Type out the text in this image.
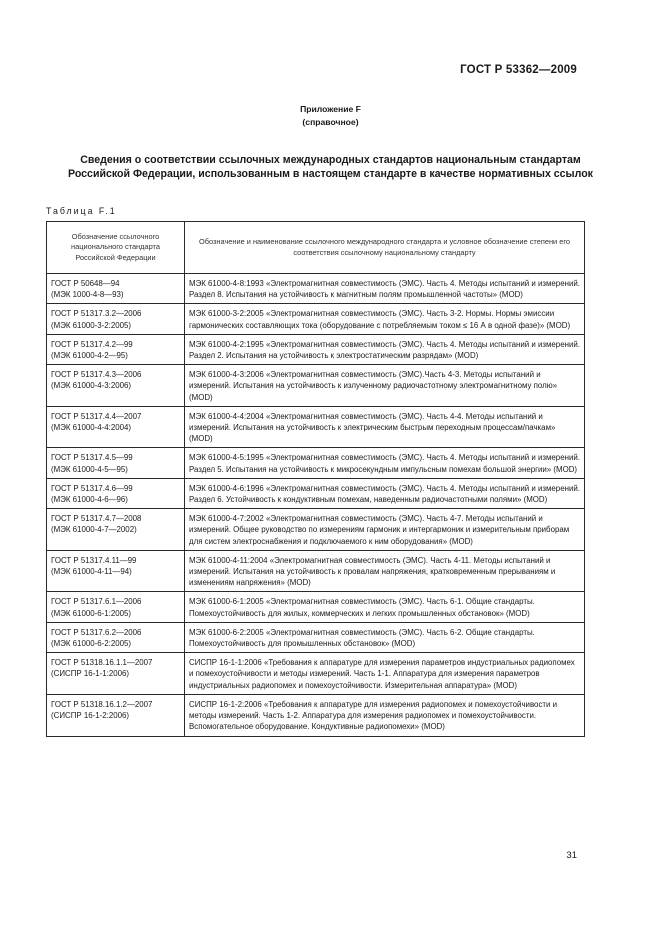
ГОСТ Р 53362—2009
Приложение F
(справочное)
Сведения о соответствии ссылочных международных стандартов национальным стандартам Российской Федерации, использованным в настоящем стандарте в качестве нормативных ссылок
Таблица F.1
Обозначение ссылочного национального стандарта Российской Федерации	Обозначение и наименование ссылочного международного стандарта и условное обозначение степени его соответствия ссылочному национальному стандарту

ГОСТ Р 50648—94
(МЭК 1000-4-8—93)	МЭК 61000-4-8:1993 «Электромагнитная совместимость (ЭМС). Часть 4. Методы испытаний и измерений. Раздел 8. Испытания на устойчивость к магнитным полям промышленной частоты» (MOD)

ГОСТ Р 51317.3.2—2006
(МЭК 61000-3-2:2005)	МЭК 61000-3-2:2005 «Электромагнитная совместимость (ЭМС). Часть 3-2. Нормы. Нормы эмиссии гармонических составляющих тока (оборудование с потребляемым током ≤ 16 А в одной фазе)» (MOD)

ГОСТ Р 51317.4.2—99
(МЭК 61000-4-2—95)	МЭК 61000-4-2:1995 «Электромагнитная совместимость (ЭМС). Часть 4. Методы испытаний и измерений. Раздел 2. Испытания на устойчивость к электростатическим разрядам» (MOD)

ГОСТ Р 51317.4.3—2006
(МЭК 61000-4-3:2006)	МЭК 61000-4-3:2006 «Электромагнитная совместимость (ЭМС).Часть 4-3. Методы испытаний и измерений. Испытания на устойчивость к излученному радиочастотному электромагнитному полю» (MOD)

ГОСТ Р 51317.4.4—2007
(МЭК 61000-4-4:2004)	МЭК 61000-4-4:2004 «Электромагнитная совместимость (ЭМС). Часть 4-4. Методы испытаний и измерений. Испытания на устойчивость к электрическим быстрым переходным процессам/пачкам» (MOD)

ГОСТ Р 51317.4.5—99
(МЭК 61000-4-5—95)	МЭК 61000-4-5:1995 «Электромагнитная совместимость (ЭМС). Часть 4. Методы испытаний и измерений. Раздел 5. Испытания на устойчивость к микросекундным импульсным помехам большой энергии» (MOD)

ГОСТ Р 51317.4.6—99
(МЭК 61000-4-6—96)	МЭК 61000-4-6:1996 «Электромагнитная совместимость (ЭМС). Часть 4. Методы испытаний и измерений. Раздел 6. Устойчивость к кондуктивным помехам, наведенным радиочастотными полями» (MOD)

ГОСТ Р 51317.4.7—2008
(МЭК 61000-4-7—2002)	МЭК 61000-4-7:2002 «Электромагнитная совместимость (ЭМС). Часть 4-7. Методы испытаний и измерений. Общее руководство по измерениям гармоник и интергармоник и измерительным приборам для систем электроснабжения и подключаемого к ним оборудования» (MOD)

ГОСТ Р 51317.4.11—99
(МЭК 61000-4-11—94)	МЭК 61000-4-11:2004 «Электромагнитная совместимость (ЭМС). Часть 4-11. Методы испытаний и измерений. Испытания на устойчивость к провалам напряжения, кратковременным прерываниям и изменениям напряжения» (MOD)

ГОСТ Р 51317.6.1—2006
(МЭК 61000-6-1:2005)	МЭК 61000-6-1:2005 «Электромагнитная совместимость (ЭМС). Часть 6-1. Общие стандарты. Помехоустойчивость для жилых, коммерческих и легких промышленных обстановок» (MOD)

ГОСТ Р 51317.6.2—2006
(МЭК 61000-6-2:2005)	МЭК 61000-6-2:2005 «Электромагнитная совместимость (ЭМС). Часть 6-2. Общие стандарты. Помехоустойчивость для промышленных обстановок» (MOD)

ГОСТ Р 51318.16.1.1—2007
(СИСПР 16-1-1:2006)	СИСПР 16-1-1:2006 «Требования к аппаратуре для измерения параметров индустриальных радиопомех и помехоустойчивости и методы измерений. Часть 1-1. Аппаратура для измерения параметров индустриальных радиопомех и помехоустойчивости. Измерительная аппаратура» (MOD)

ГОСТ Р 51318.16.1.2—2007
(СИСПР 16-1-2:2006)	СИСПР 16-1-2:2006 «Требования к аппаратуре для измерения радиопомех и помехоустойчивости и методы измерений. Часть 1-2. Аппаратура для измерения радиопомех и помехоустойчивости. Вспомогательное оборудование. Кондуктивные радиопомехи» (MOD)
31
